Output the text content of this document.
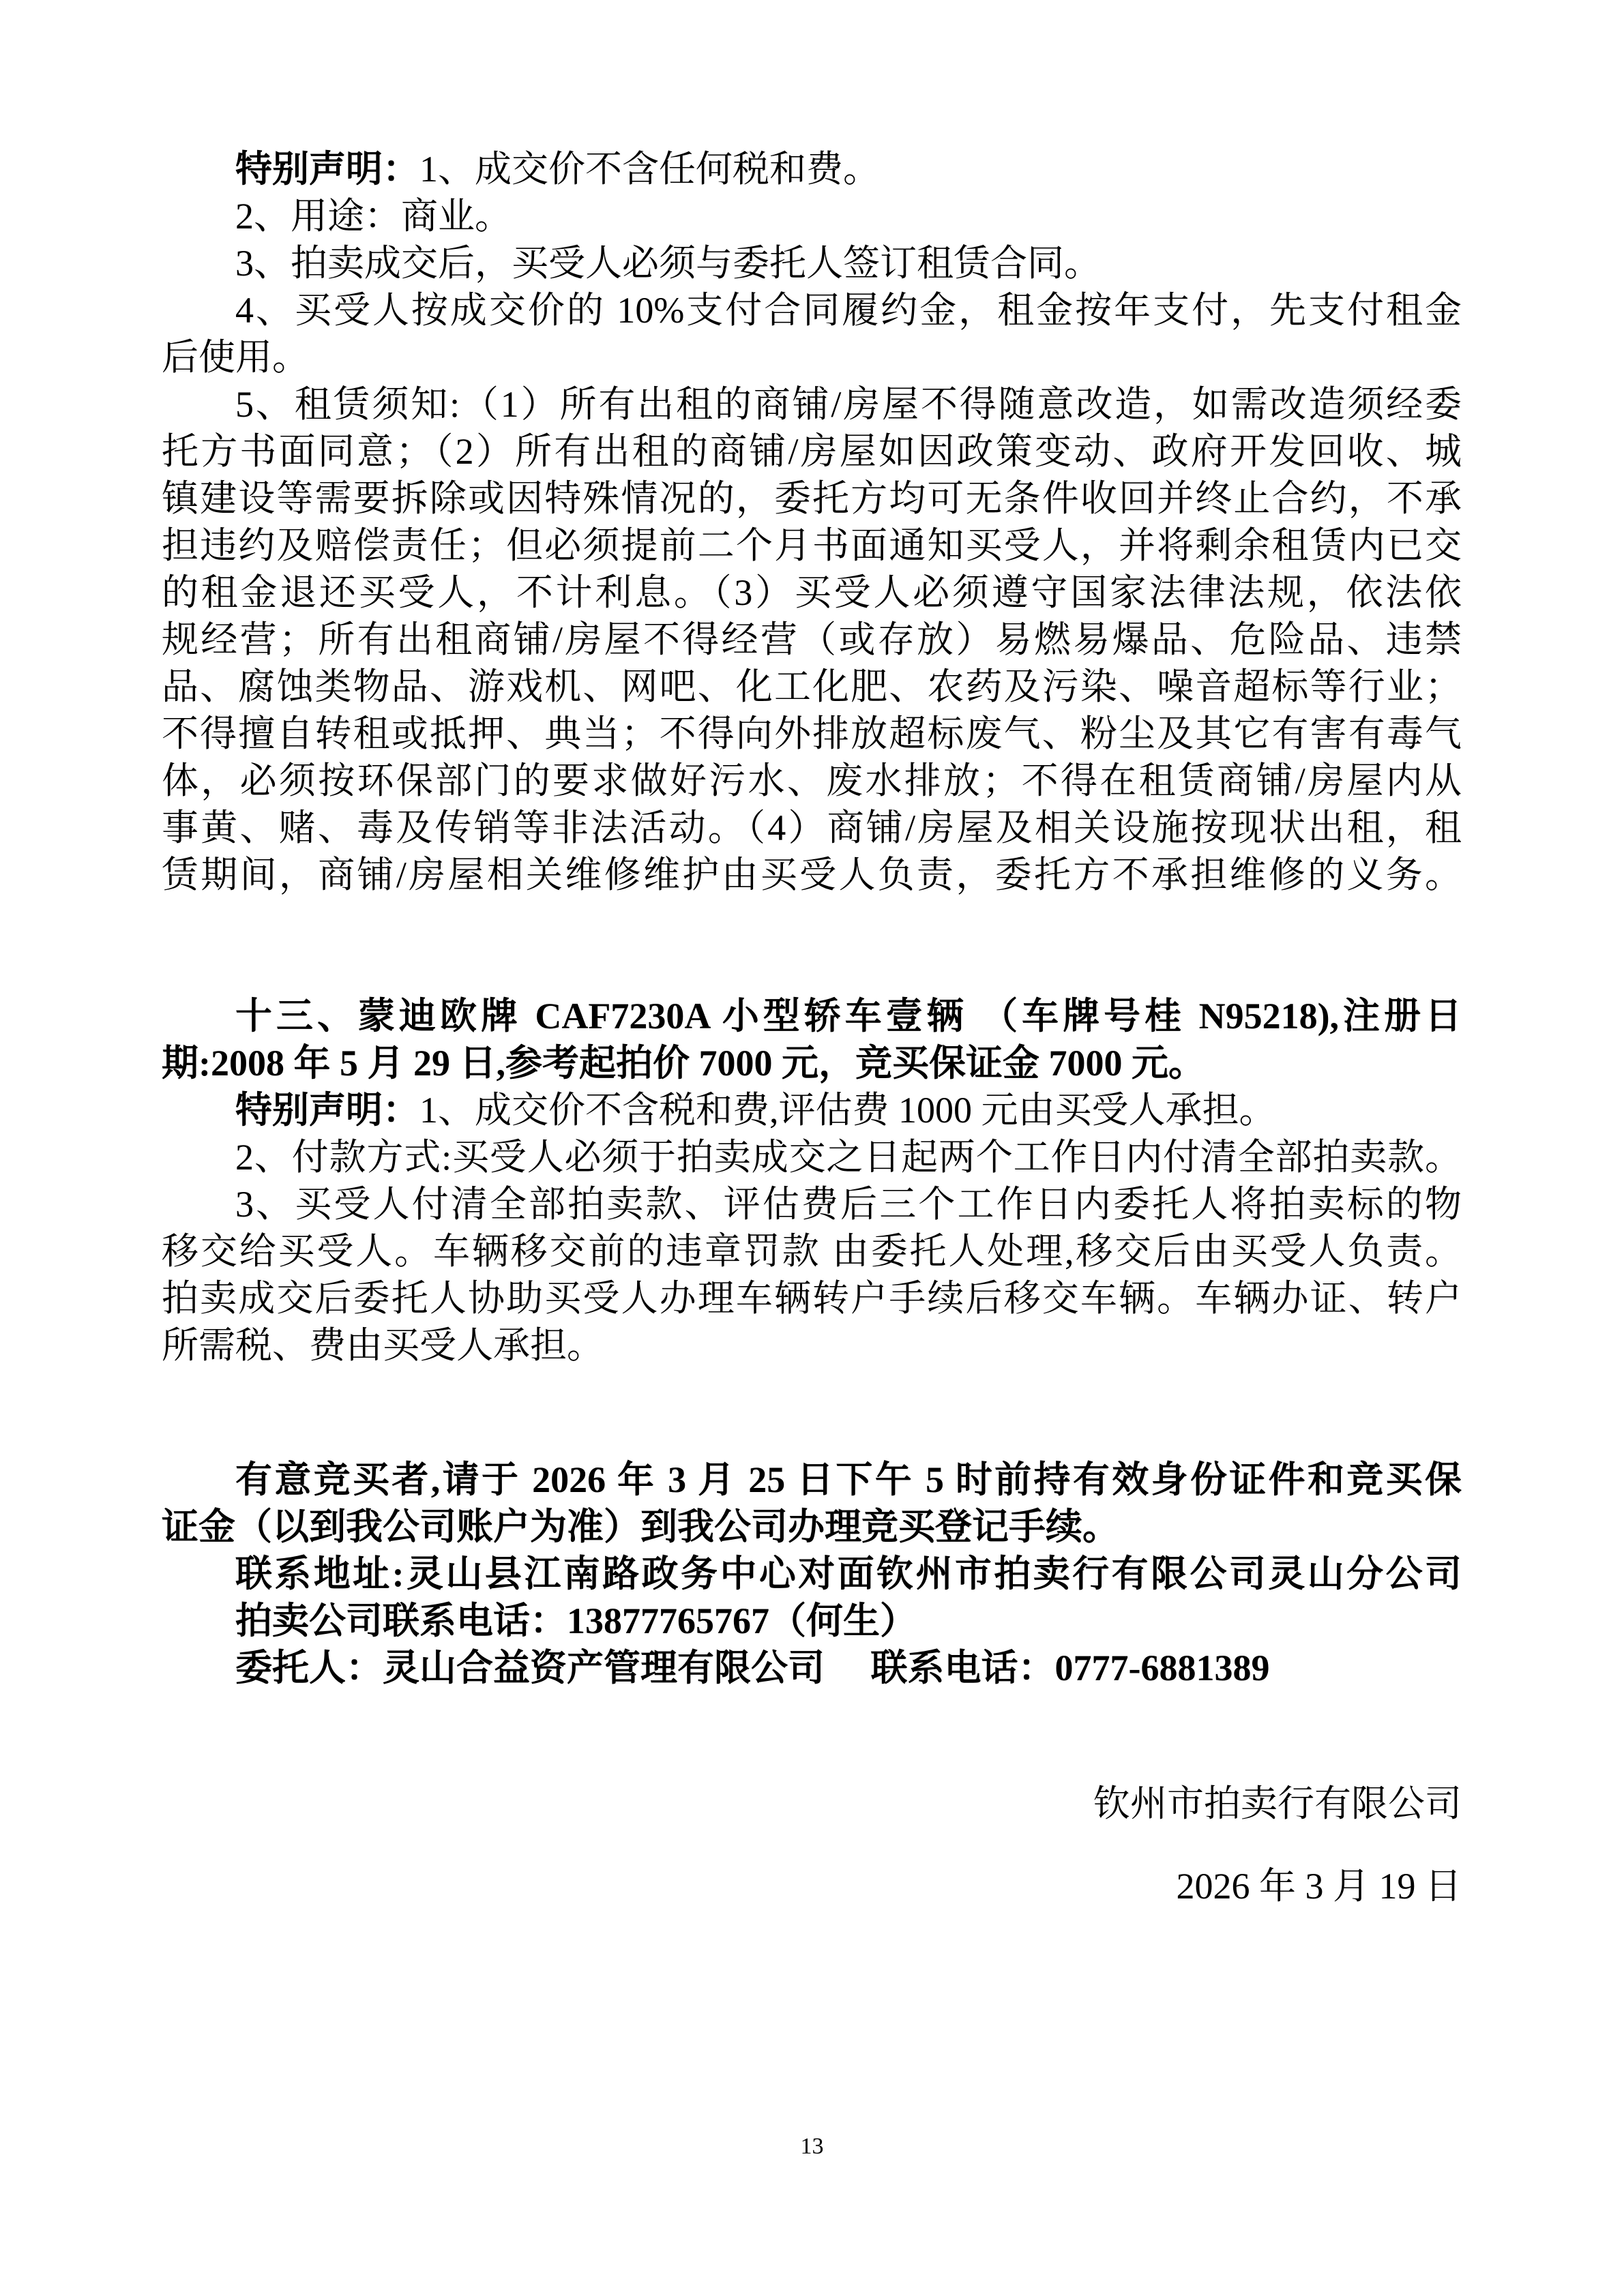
特别声明：1、成交价不含任何税和费。
2、用途：商业。
3、拍卖成交后，买受人必须与委托人签订租赁合同。
4、买受人按成交价的 10%支付合同履约金，租金按年支付，先支付租金
后使用。
5、租赁须知:（1）所有出租的商铺/房屋不得随意改造，如需改造须经委
托方书面同意；（2）所有出租的商铺/房屋如因政策变动、政府开发回收、城
镇建设等需要拆除或因特殊情况的，委托方均可无条件收回并终止合约，不承
担违约及赔偿责任；但必须提前二个月书面通知买受人，并将剩余租赁内已交
的租金退还买受人，不计利息。（3）买受人必须遵守国家法律法规，依法依
规经营；所有出租商铺/房屋不得经营（或存放）易燃易爆品、危险品、违禁
品、腐蚀类物品、游戏机、网吧、化工化肥、农药及污染、噪音超标等行业；
不得擅自转租或抵押、典当；不得向外排放超标废气、粉尘及其它有害有毒气
体，必须按环保部门的要求做好污水、废水排放；不得在租赁商铺/房屋内从
事黄、赌、毒及传销等非法活动。（4）商铺/房屋及相关设施按现状出租，租
赁期间，商铺/房屋相关维修维护由买受人负责，委托方不承担维修的义务。
十三、蒙迪欧牌 CAF7230A 小型轿车壹辆 （车牌号桂 N95218),注册日
期:2008 年 5 月 29 日,参考起拍价 7000 元，竞买保证金 7000 元。
特别声明：1、成交价不含税和费,评估费 1000 元由买受人承担。
2、付款方式:买受人必须于拍卖成交之日起两个工作日内付清全部拍卖款。
3、买受人付清全部拍卖款、评估费后三个工作日内委托人将拍卖标的物
移交给买受人。车辆移交前的违章罚款 由委托人处理,移交后由买受人负责。
拍卖成交后委托人协助买受人办理车辆转户手续后移交车辆。车辆办证、转户
所需税、费由买受人承担。
有意竞买者,请于 2026 年 3 月 25 日下午 5 时前持有效身份证件和竞买保
证金（以到我公司账户为准）到我公司办理竞买登记手续。
联系地址:灵山县江南路政务中心对面钦州市拍卖行有限公司灵山分公司
拍卖公司联系电话：13877765767（何生）
委托人：灵山合益资产管理有限公司　 联系电话：0777-6881389
钦州市拍卖行有限公司
2026 年 3 月 19 日
13
